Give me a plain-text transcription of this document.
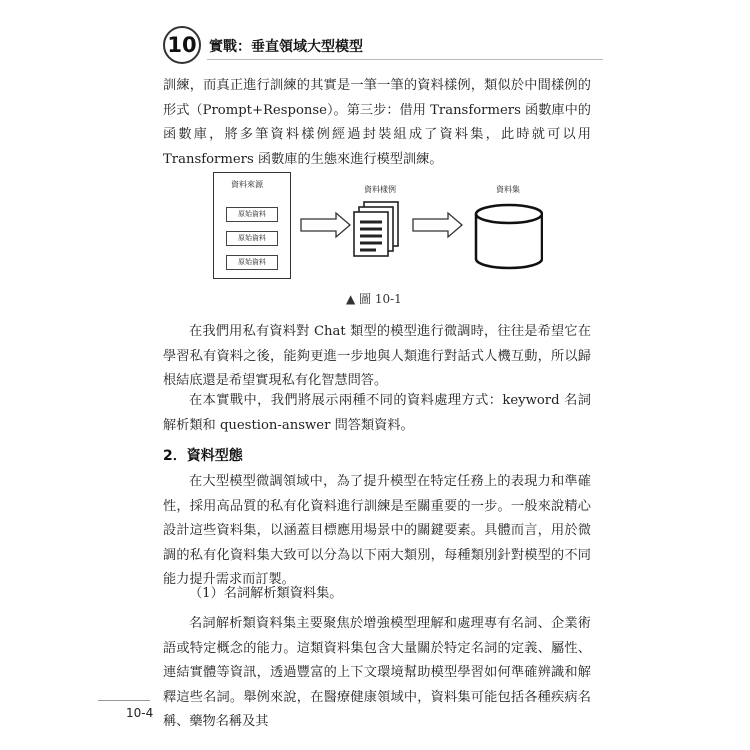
10 實戰：垂直領域大型模型

訓練，而真正進行訓練的其實是一筆一筆的資料樣例，類似於中間樣例的形式（Prompt+Response）。第三步：借用 Transformers 函數庫中的函數庫，將多筆資料樣例經過封裝組成了資料集，此時就可以用 Transformers 函數庫的生態來進行模型訓練。

資料來源
原始資料
原始資料
原始資料
資料樣例	資料集
▲ 圖 10-1

在我們用私有資料對 Chat 類型的模型進行微調時，往往是希望它在學習私有資料之後，能夠更進一步地與人類進行對話式人機互動，所以歸根結底還是希望實現私有化智慧問答。

在本實戰中，我們將展示兩種不同的資料處理方式：keyword 名詞解析類和 question-answer 問答類資料。

2．資料型態

在大型模型微調領域中，為了提升模型在特定任務上的表現力和準確性，採用高品質的私有化資料進行訓練是至關重要的一步。一般來說精心設計這些資料集，以涵蓋目標應用場景中的關鍵要素。具體而言，用於微調的私有化資料集大致可以分為以下兩大類別，每種類別針對模型的不同能力提升需求而訂製。

（1）名詞解析類資料集。

名詞解析類資料集主要聚焦於增強模型理解和處理專有名詞、企業術語或特定概念的能力。這類資料集包含大量關於特定名詞的定義、屬性、連結實體等資訊，透過豐富的上下文環境幫助模型學習如何準確辨識和解釋這些名詞。舉例來說，在醫療健康領域中，資料集可能包括各種疾病名稱、藥物名稱及其

10-4
